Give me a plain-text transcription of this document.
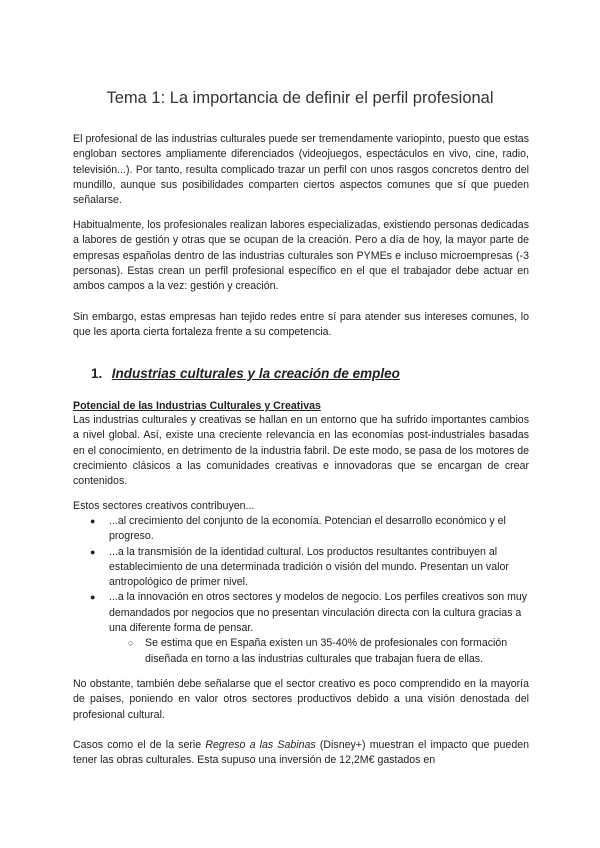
Tema 1: La importancia de definir el perfil profesional
El profesional de las industrias culturales puede ser tremendamente variopinto, puesto que estas engloban sectores ampliamente diferenciados (videojuegos, espectáculos en vivo, cine, radio, televisión...). Por tanto, resulta complicado trazar un perfil con unos rasgos concretos dentro del mundillo, aunque sus posibilidades comparten ciertos aspectos comunes que sí que pueden señalarse.
Habitualmente, los profesionales realizan labores especializadas, existiendo personas dedicadas a labores de gestión y otras que se ocupan de la creación. Pero a día de hoy, la mayor parte de empresas españolas dentro de las industrias culturales son PYMEs e incluso microempresas (-3 personas). Estas crean un perfil profesional específico en el que el trabajador debe actuar en ambos campos a la vez: gestión y creación.
Sin embargo, estas empresas han tejido redes entre sí para atender sus intereses comunes, lo que les aporta cierta fortaleza frente a su competencia.
1. Industrias culturales y la creación de empleo
Potencial de las Industrias Culturales y Creativas
Las industrias culturales y creativas se hallan en un entorno que ha sufrido importantes cambios a nivel global. Así, existe una creciente relevancia en las economías post-industriales basadas en el conocimiento, en detrimento de la industria fabril. De este modo, se pasa de los motores de crecimiento clásicos a las comunidades creativas e innovadoras que se encargan de crear contenidos.
Estos sectores creativos contribuyen...
● ...al crecimiento del conjunto de la economía. Potencian el desarrollo económico y el progreso.
● ...a la transmisión de la identidad cultural. Los productos resultantes contribuyen al establecimiento de una determinada tradición o visión del mundo. Presentan un valor antropológico de primer nivel.
● ...a la innovación en otros sectores y modelos de negocio. Los perfiles creativos son muy demandados por negocios que no presentan vinculación directa con la cultura gracias a una diferente forma de pensar.
○ Se estima que en España existen un 35-40% de profesionales con formación diseñada en torno a las industrias culturales que trabajan fuera de ellas.
No obstante, también debe señalarse que el sector creativo es poco comprendido en la mayoría de países, poniendo en valor otros sectores productivos debido a una visión denostada del profesional cultural.
Casos como el de la serie Regreso a las Sabinas (Disney+) muestran el impacto que pueden tener las obras culturales. Esta supuso una inversión de 12,2M€ gastados en
